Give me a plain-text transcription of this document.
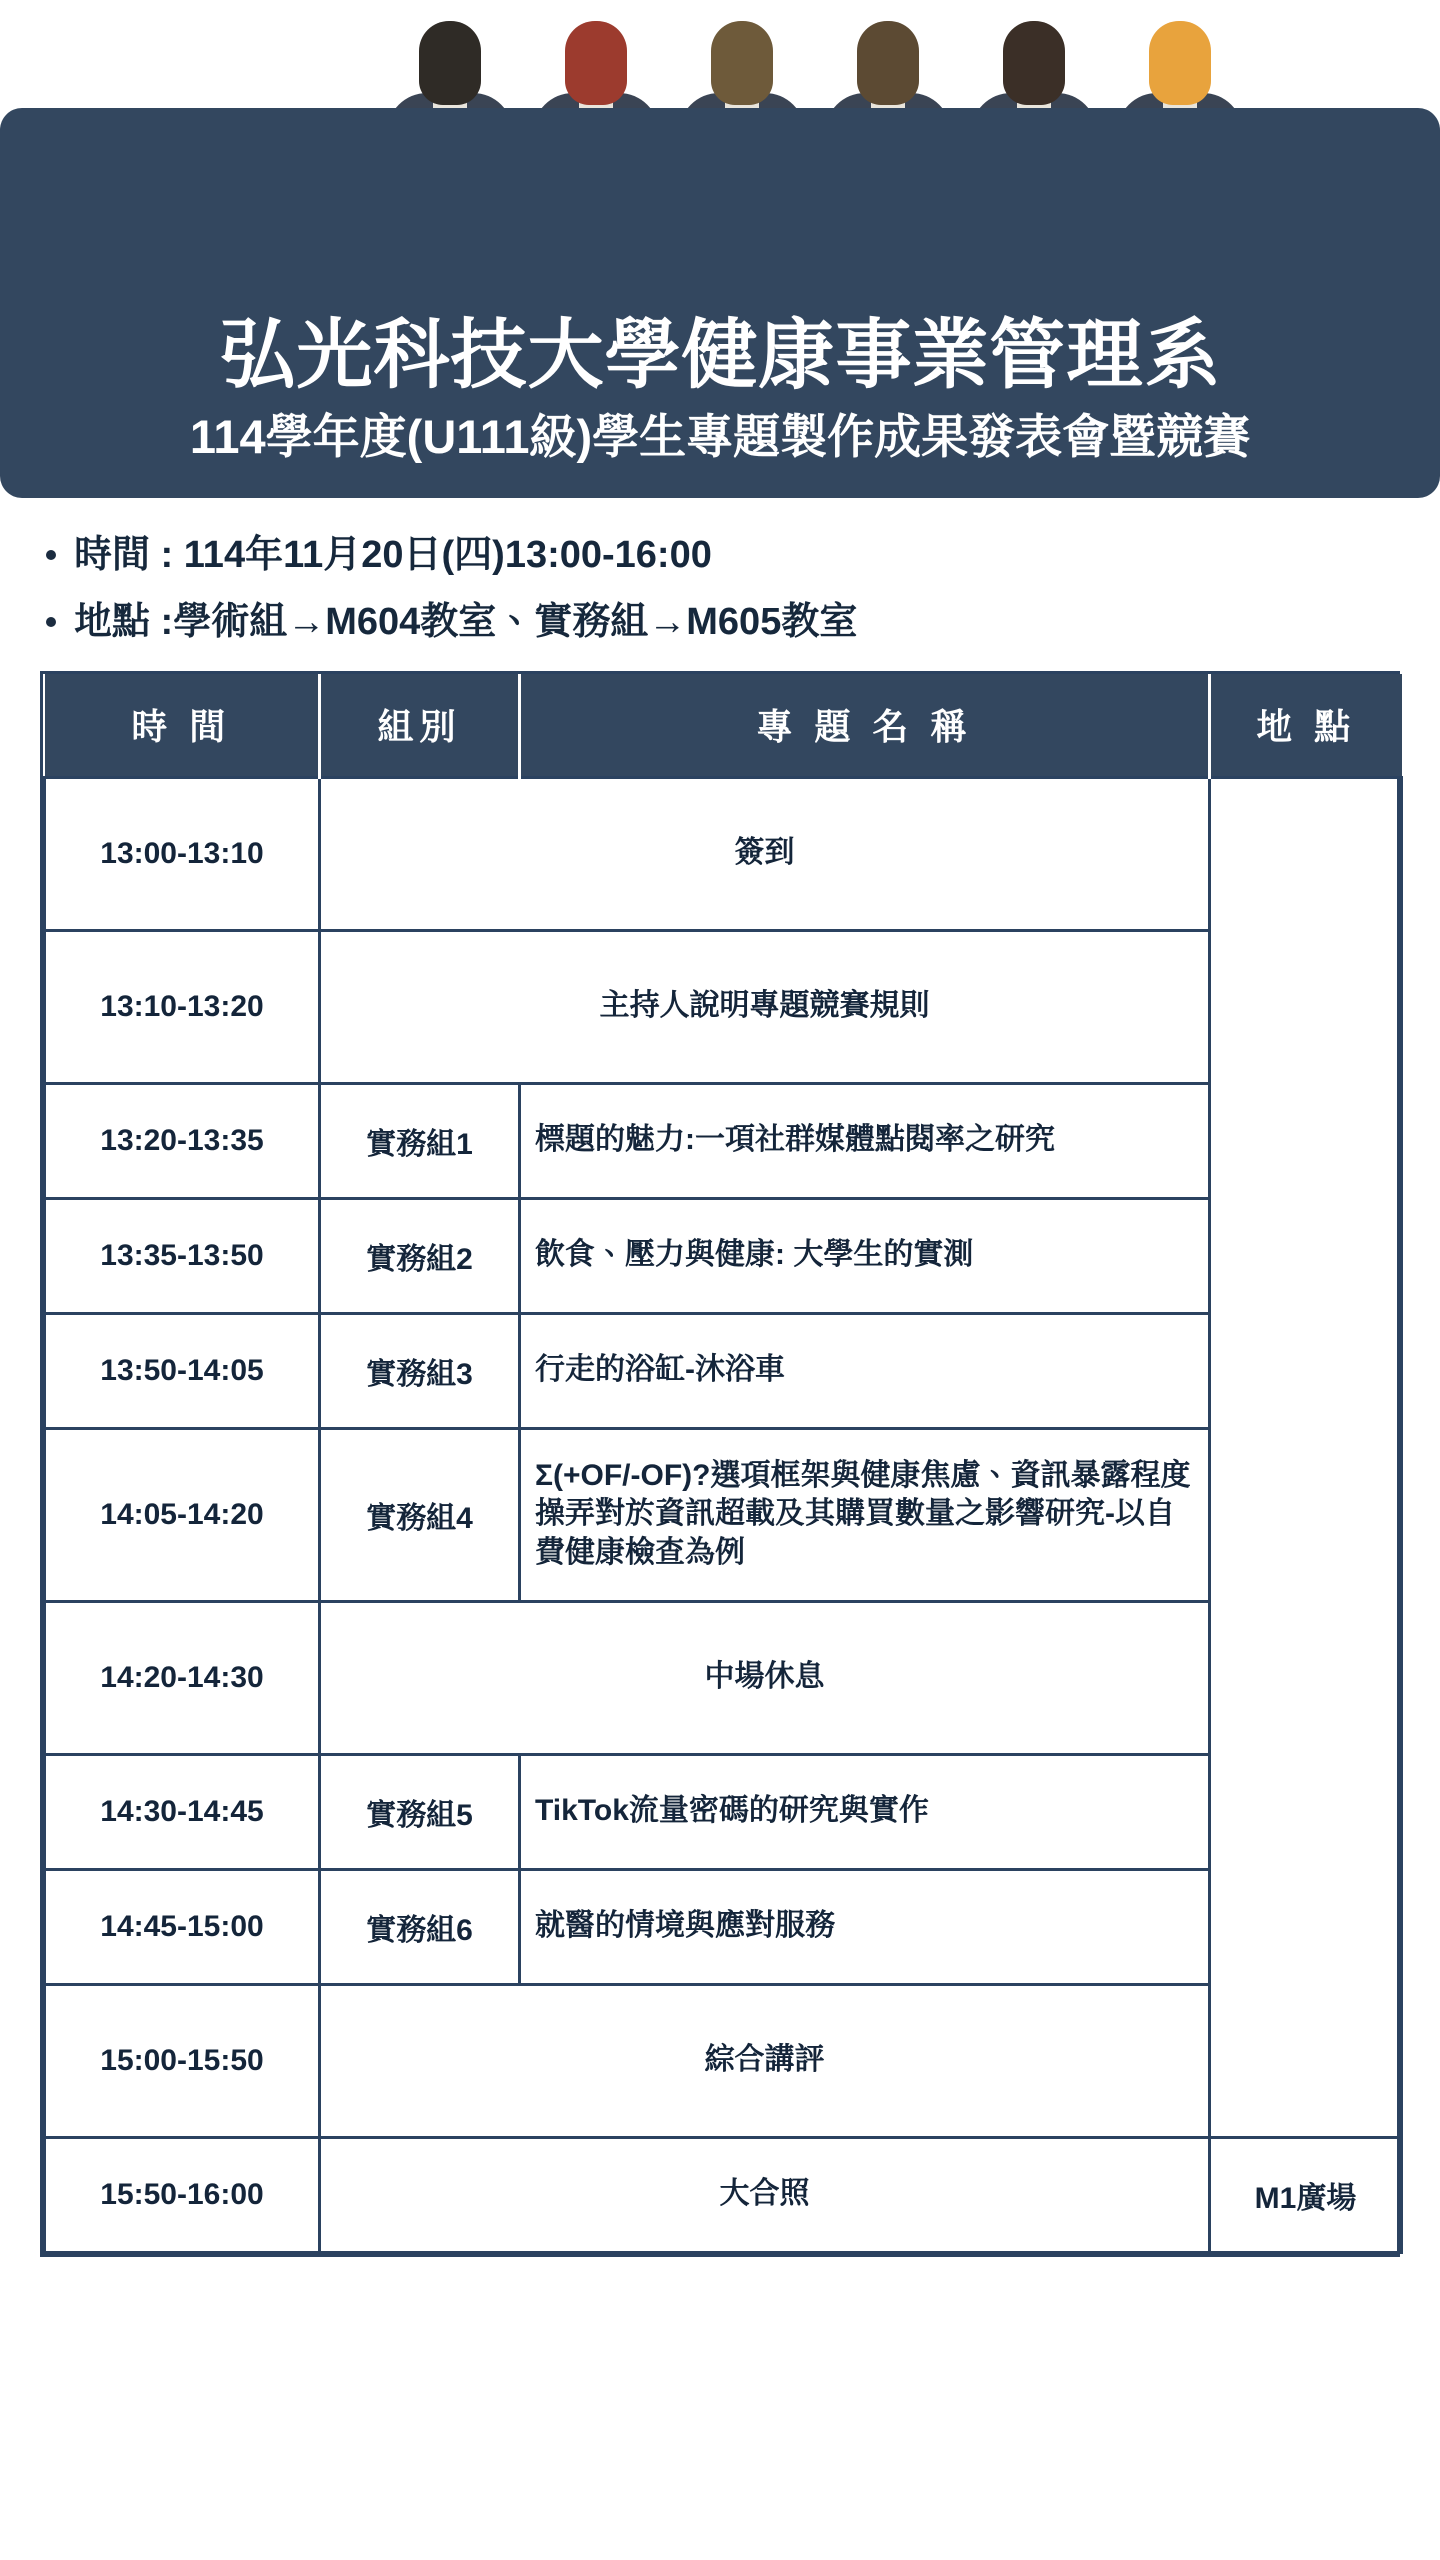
弘光科技大學健康事業管理系
114學年度(U111級)學生專題製作成果發表會暨競賽
時間 : 114年11月20日(四)13:00-16:00
地點 :學術組→M604教室、實務組→M605教室
時 間	組別	專 題 名 稱	地 點
13:00-13:10	簽到		
13:10-13:20	主持人說明專題競賽規則		
13:20-13:35	實務組1	標題的魅力:一項社群媒體點閱率之研究	
13:35-13:50	實務組2	飲食、壓力與健康: 大學生的實測	
13:50-14:05	實務組3	行走的浴缸-沐浴車	
14:05-14:20	實務組4	Σ(+OF/-OF)?選項框架與健康焦慮、資訊暴露程度操弄對於資訊超載及其購買數量之影響研究-以自費健康檢查為例	
14:20-14:30	中場休息		
14:30-14:45	實務組5	TikTok流量密碼的研究與實作	
14:45-15:00	實務組6	就醫的情境與應對服務	
15:00-15:50	綜合講評		
15:50-16:00	大合照		M1廣場
